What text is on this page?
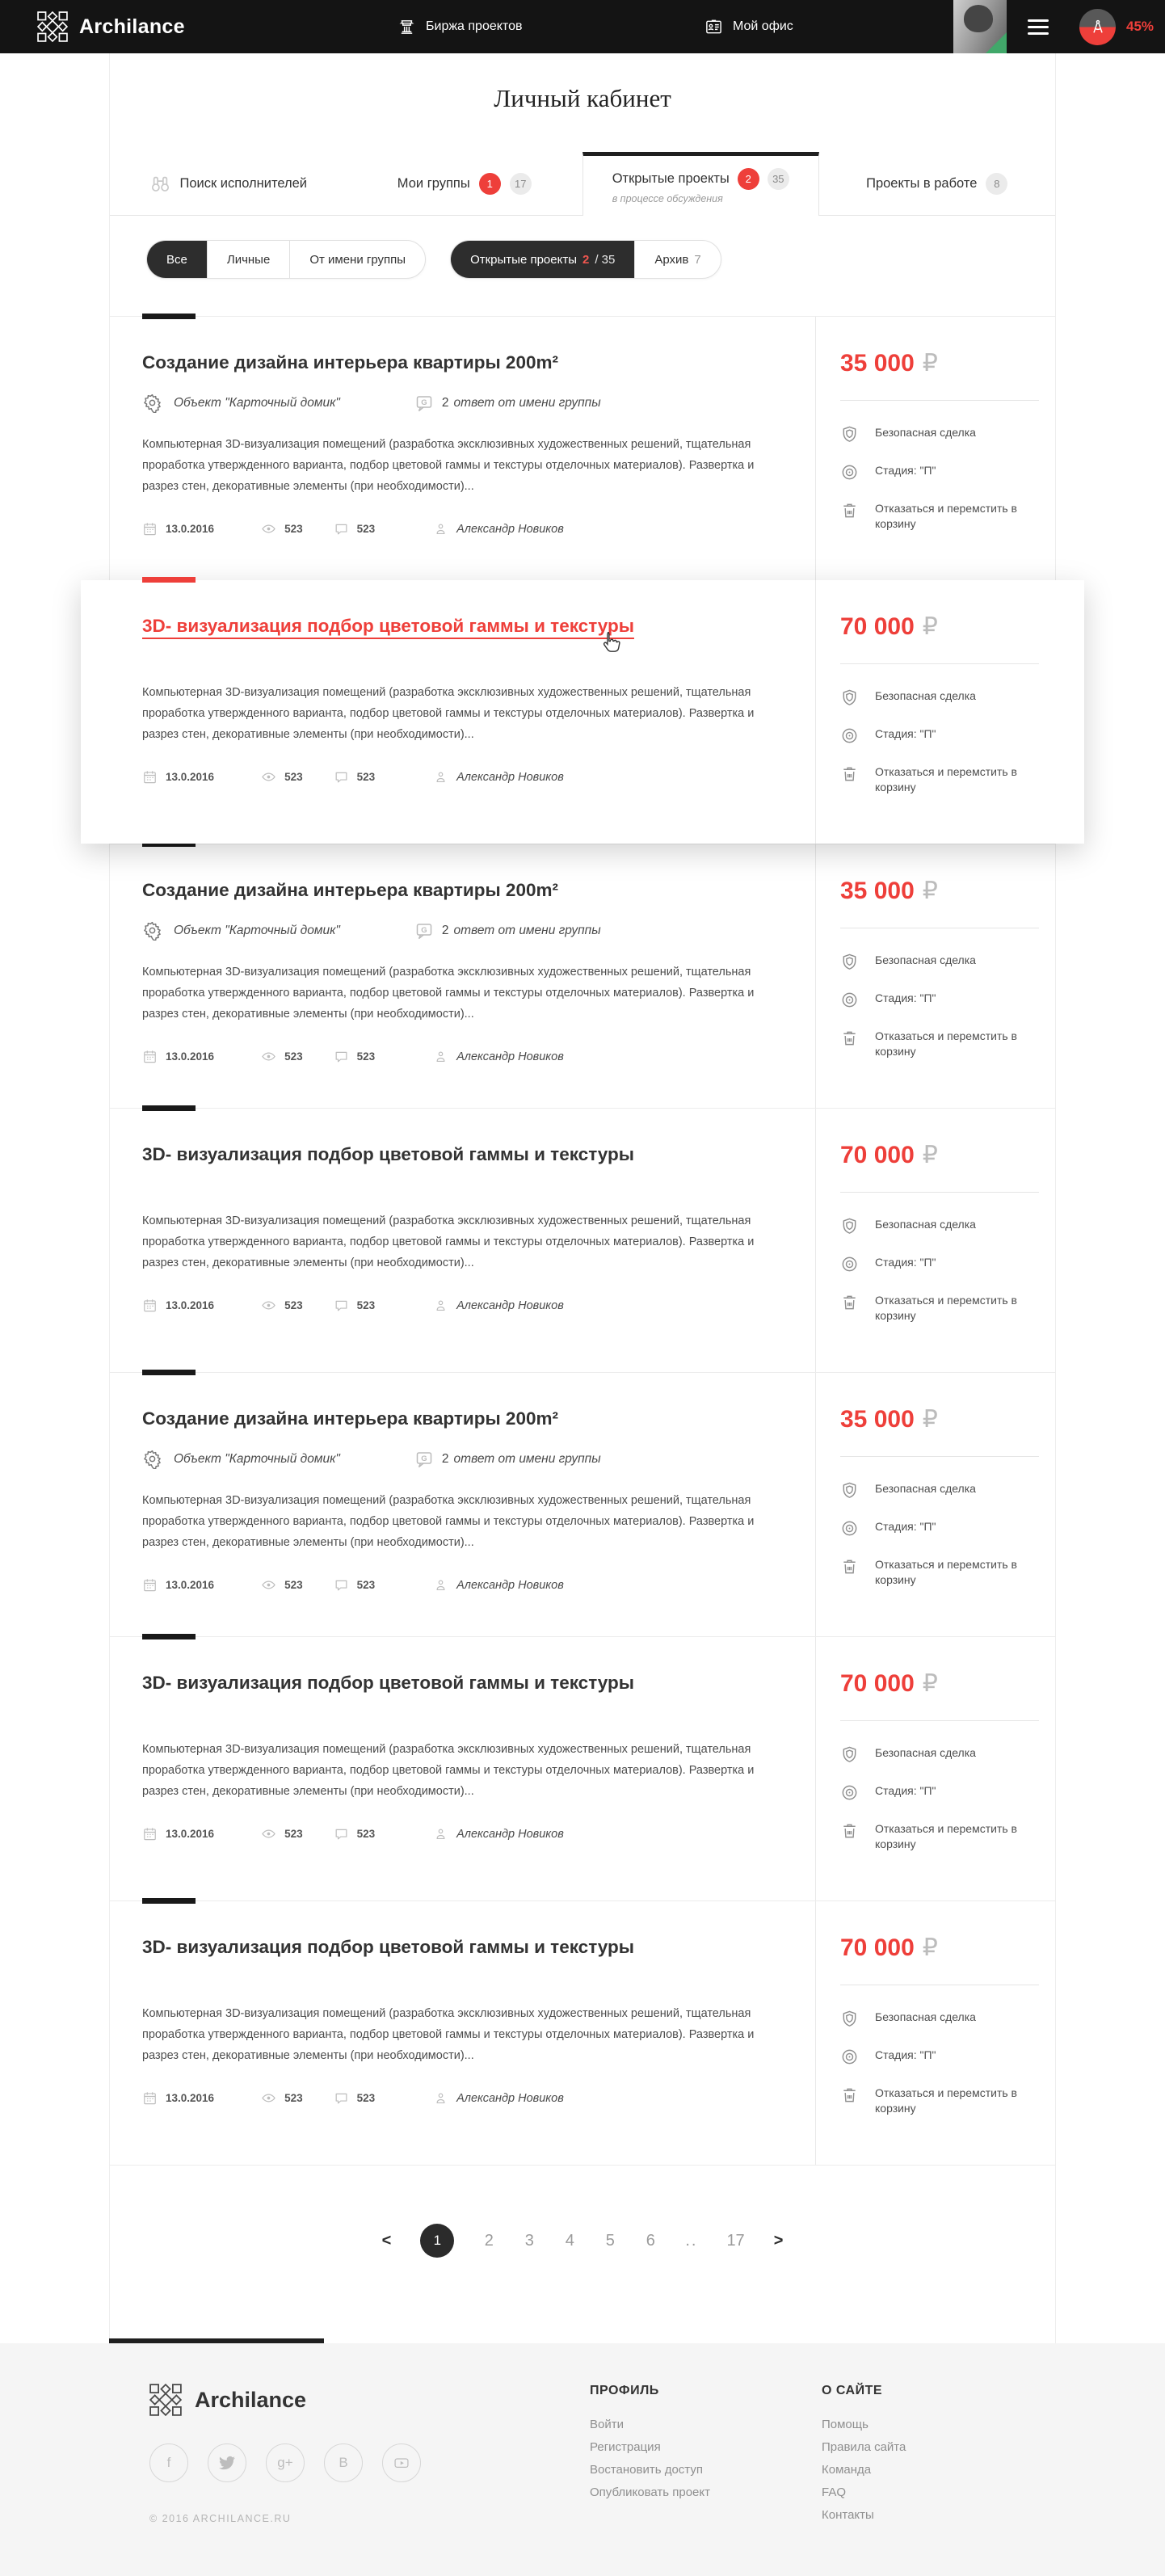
Archilance	Биржа проектов	Мой офис	45%
Личный кабинет
Поиск исполнителей	Мои группы	1	17	Открытые проекты	2	35
в процессе обсуждения
Проекты в работе	8
Все	Личные	От имени группы	Открытые проекты 2 / 35	Архив 7
Создание дизайна интерьера квартиры 200m²
Объект "Карточный домик"	G 2 ответ от имени группы

Компьютерная 3D-визуализация помещений (разработка эксклюзивных художественных решений, тщательная проработка утвержденного варианта, подбор цветовой гаммы и текстуры отделочных материалов). Развертка и разрез стен, декоративные элементы (при необходимости)...

13.0.2016	523	523	Александр Новиков
35 000 ₽
Безопасная сделка
Стадия: "П"
Отказаться и перемстить в корзину
3D- визуализация подбор цветовой гаммы и текстуры

Компьютерная 3D-визуализация помещений (разработка эксклюзивных художественных решений, тщательная проработка утвержденного варианта, подбор цветовой гаммы и текстуры отделочных материалов). Развертка и разрез стен, декоративные элементы (при необходимости)...

13.0.2016	523	523	Александр Новиков
70 000 ₽
Безопасная сделка
Стадия: "П"
Отказаться и перемстить в корзину
Создание дизайна интерьера квартиры 200m²
Объект "Карточный домик"	G 2 ответ от имени группы

Компьютерная 3D-визуализация помещений (разработка эксклюзивных художественных решений, тщательная проработка утвержденного варианта, подбор цветовой гаммы и текстуры отделочных материалов). Развертка и разрез стен, декоративные элементы (при необходимости)...

13.0.2016	523	523	Александр Новиков
35 000 ₽
Безопасная сделка
Стадия: "П"
Отказаться и перемстить в корзину
3D- визуализация подбор цветовой гаммы и текстуры

Компьютерная 3D-визуализация помещений (разработка эксклюзивных художественных решений, тщательная проработка утвержденного варианта, подбор цветовой гаммы и текстуры отделочных материалов). Развертка и разрез стен, декоративные элементы (при необходимости)...

13.0.2016	523	523	Александр Новиков
70 000 ₽
Безопасная сделка
Стадия: "П"
Отказаться и перемстить в корзину
Создание дизайна интерьера квартиры 200m²
Объект "Карточный домик"	G 2 ответ от имени группы

Компьютерная 3D-визуализация помещений (разработка эксклюзивных художественных решений, тщательная проработка утвержденного варианта, подбор цветовой гаммы и текстуры отделочных материалов). Развертка и разрез стен, декоративные элементы (при необходимости)...

13.0.2016	523	523	Александр Новиков
35 000 ₽
Безопасная сделка
Стадия: "П"
Отказаться и перемстить в корзину
3D- визуализация подбор цветовой гаммы и текстуры

Компьютерная 3D-визуализация помещений (разработка эксклюзивных художественных решений, тщательная проработка утвержденного варианта, подбор цветовой гаммы и текстуры отделочных материалов). Развертка и разрез стен, декоративные элементы (при необходимости)...

13.0.2016	523	523	Александр Новиков
70 000 ₽
Безопасная сделка
Стадия: "П"
Отказаться и перемстить в корзину
3D- визуализация подбор цветовой гаммы и текстуры

Компьютерная 3D-визуализация помещений (разработка эксклюзивных художественных решений, тщательная проработка утвержденного варианта, подбор цветовой гаммы и текстуры отделочных материалов). Развертка и разрез стен, декоративные элементы (при необходимости)...

13.0.2016	523	523	Александр Новиков
70 000 ₽
Безопасная сделка
Стадия: "П"
Отказаться и перемстить в корзину
<	1	2 3 4 5 6 .. 17 >
Archilance
f	g+	B
© 2016 ARCHILANCE.RU
ПРОФИЛЬ
Войти
Регистрация
Востановить доступ
Опубликовать проект
О САЙТЕ
Помощь
Правила сайта
Команда
FAQ
Контакты
